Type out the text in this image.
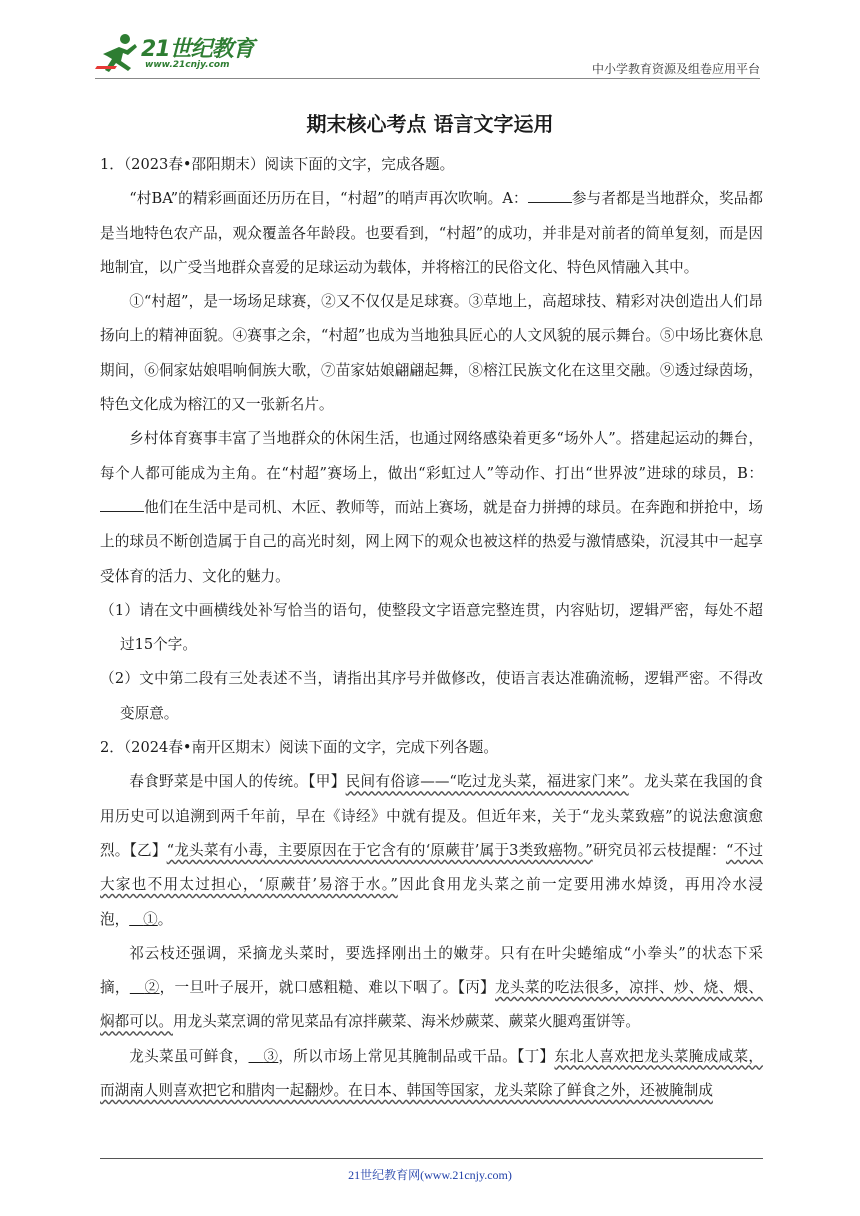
21世纪教育
www.21cnjy.com	中小学教育资源及组卷应用平台
期末核心考点 语言文字运用

1．（2023春•邵阳期末）阅读下面的文字，完成各题。

“村BA”的精彩画面还历历在目，“村超”的哨声再次吹响。A：	参与者都是当地群众，奖品都是当地特色农产品，观众覆盖各年龄段。也要看到，“村超”的成功，并非是对前者的简单复刻，而是因地制宜，以广受当地群众喜爱的足球运动为载体，并将榕江的民俗文化、特色风情融入其中。

①“村超”，是一场场足球赛，②又不仅仅是足球赛。③草地上，高超球技、精彩对决创造出人们昂扬向上的精神面貌。④赛事之余，“村超”也成为当地独具匠心的人文风貌的展示舞台。⑤中场比赛休息期间，⑥侗家姑娘唱响侗族大歌，⑦苗家姑娘翩翩起舞，⑧榕江民族文化在这里交融。⑨透过绿茵场，特色文化成为榕江的又一张新名片。

乡村体育赛事丰富了当地群众的休闲生活，也通过网络感染着更多“场外人”。搭建起运动的舞台，每个人都可能成为主角。在“村超”赛场上，做出“彩虹过人”等动作、打出“世界波”进球的球员，B：他们在生活中是司机、木匠、教师等，而站上赛场，就是奋力拼搏的球员。在奔跑和拼抢中，场上的球员不断创造属于自己的高光时刻，网上网下的观众也被这样的热爱与激情感染，沉浸其中一起享受体育的活力、文化的魅力。

（1）请在文中画横线处补写恰当的语句，使整段文字语意完整连贯，内容贴切，逻辑严密，每处不超过15个字。

（2）文中第二段有三处表述不当，请指出其序号并做修改，使语言表达准确流畅，逻辑严密。不得改变原意。

2．（2024春•南开区期末）阅读下面的文字，完成下列各题。

春食野菜是中国人的传统。【甲】民间有俗谚——“吃过龙头菜，福进家门来”。龙头菜在我国的食用历史可以追溯到两千年前，早在《诗经》中就有提及。但近年来，关于“龙头菜致癌”的说法愈演愈烈。【乙】“龙头菜有小毒，主要原因在于它含有的‘原蕨苷’属于3类致癌物。”研究员祁云枝提醒：“不过大家也不用太过担心，‘原蕨苷’易溶于水。”因此食用龙头菜之前一定要用沸水焯烫，再用冷水浸泡， ①。

祁云枝还强调，采摘龙头菜时，要选择刚出土的嫩芽。只有在叶尖蜷缩成“小拳头”的状态下采摘， ②，一旦叶子展开，就口感粗糙、难以下咽了。【丙】龙头菜的吃法很多，凉拌、炒、烧、煨、焖都可以。用龙头菜烹调的常见菜品有凉拌蕨菜、海米炒蕨菜、蕨菜火腿鸡蛋饼等。

龙头菜虽可鲜食， ③，所以市场上常见其腌制品或干品。【丁】东北人喜欢把龙头菜腌成咸菜，而湖南人则喜欢把它和腊肉一起翻炒。在日本、韩国等国家，龙头菜除了鲜食之外，还被腌制成

21世纪教育网(www.21cnjy.com)
